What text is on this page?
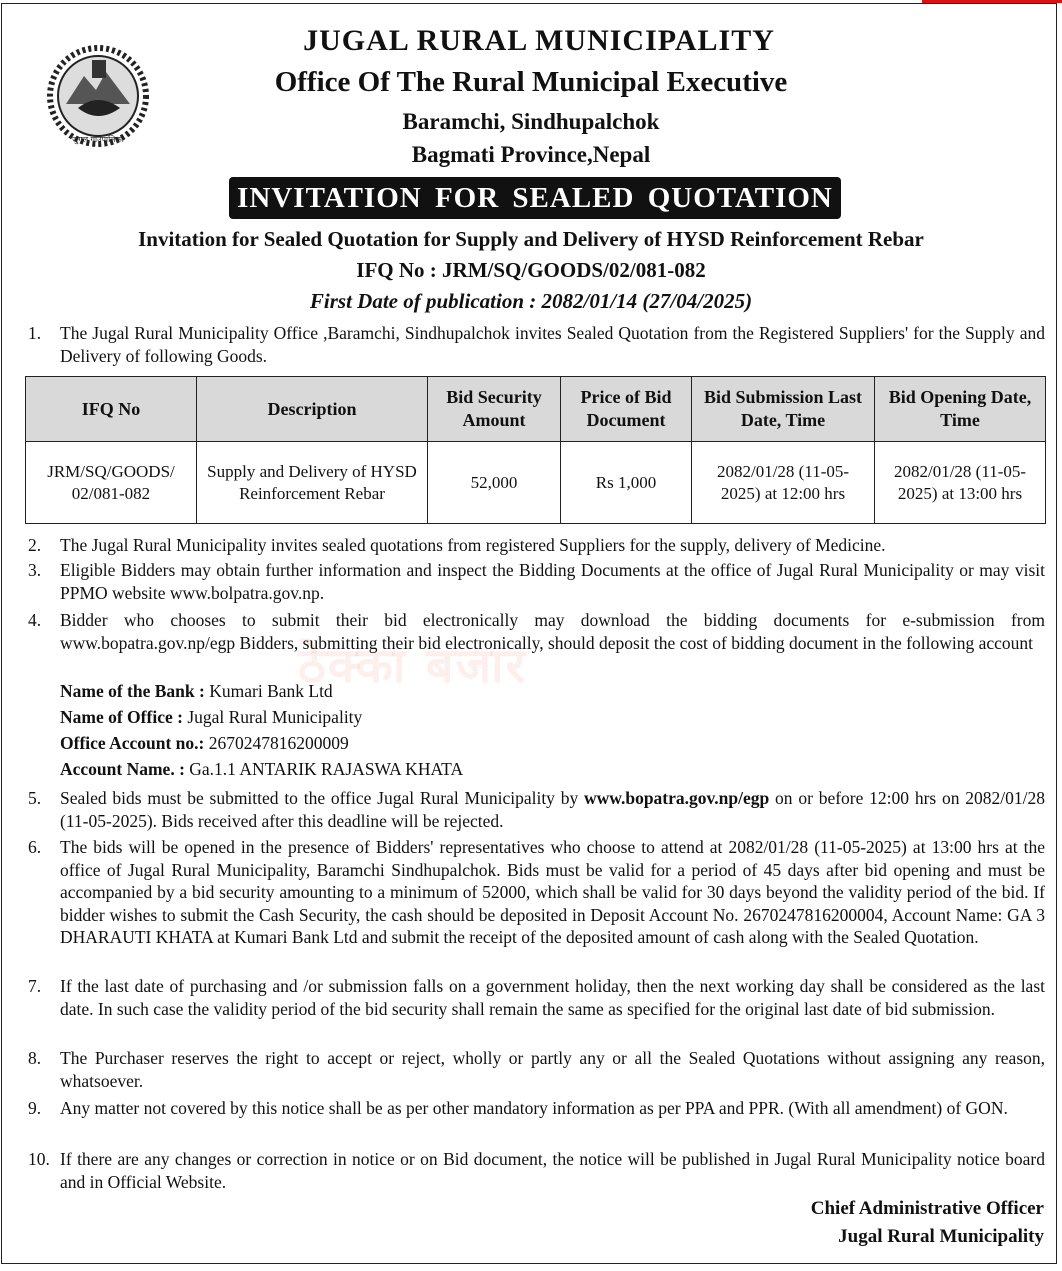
जुगल गाउँपालिका
ठेक्का बजार
JUGAL RURAL MUNICIPALITY
Office Of The Rural Municipal Executive
Baramchi, Sindhupalchok
Bagmati Province,Nepal
INVITATION FOR SEALED QUOTATION
Invitation for Sealed Quotation for Supply and Delivery of HYSD Reinforcement Rebar
IFQ No : JRM/SQ/GOODS/02/081-082
First Date of publication : 2082/01/14 (27/04/2025)
1. The Jugal Rural Municipality Office ,Baramchi, Sindhupalchok invites Sealed Quotation from the Registered Suppliers' for the Supply and Delivery of following Goods.
IFQ No	Description	Bid Security Amount	Price of Bid Document	Bid Submission Last Date, Time	Bid Opening Date, Time
JRM/SQ/GOODS/ 02/081-082	Supply and Delivery of HYSD Reinforcement Rebar	52,000	Rs 1,000	2082/01/28 (11-05-2025) at 12:00 hrs	2082/01/28 (11-05-2025) at 13:00 hrs
2. The Jugal Rural Municipality invites sealed quotations from registered Suppliers for the supply, delivery of Medicine.
3. Eligible Bidders may obtain further information and inspect the Bidding Documents at the office of Jugal Rural Municipality or may visit PPMO website www.bolpatra.gov.np.
4. Bidder who chooses to submit their bid electronically may download the bidding documents for e-submission from www.bopatra.gov.np/egp Bidders, submitting their bid electronically, should deposit the cost of bidding document in the following account
Name of the Bank : Kumari Bank Ltd
Name of Office : Jugal Rural Municipality
Office Account no.: 2670247816200009
Account Name. : Ga.1.1 ANTARIK RAJASWA KHATA
5. Sealed bids must be submitted to the office Jugal Rural Municipality by www.bopatra.gov.np/egp on or before 12:00 hrs on 2082/01/28 (11-05-2025). Bids received after this deadline will be rejected.
6. The bids will be opened in the presence of Bidders' representatives who choose to attend at 2082/01/28 (11-05-2025) at 13:00 hrs at the office of Jugal Rural Municipality, Baramchi Sindhupalchok. Bids must be valid for a period of 45 days after bid opening and must be accompanied by a bid security amounting to a minimum of 52000, which shall be valid for 30 days beyond the validity period of the bid. If bidder wishes to submit the Cash Security, the cash should be deposited in Deposit Account No. 2670247816200004, Account Name: GA 3 DHARAUTI KHATA at Kumari Bank Ltd and submit the receipt of the deposited amount of cash along with the Sealed Quotation.
7. If the last date of purchasing and /or submission falls on a government holiday, then the next working day shall be considered as the last date. In such case the validity period of the bid security shall remain the same as specified for the original last date of bid submission.
8. The Purchaser reserves the right to accept or reject, wholly or partly any or all the Sealed Quotations without assigning any reason, whatsoever.
9. Any matter not covered by this notice shall be as per other mandatory information as per PPA and PPR. (With all amendment) of GON.
10. If there are any changes or correction in notice or on Bid document, the notice will be published in Jugal Rural Municipality notice board and in Official Website.
Chief Administrative Officer
Jugal Rural Municipality
